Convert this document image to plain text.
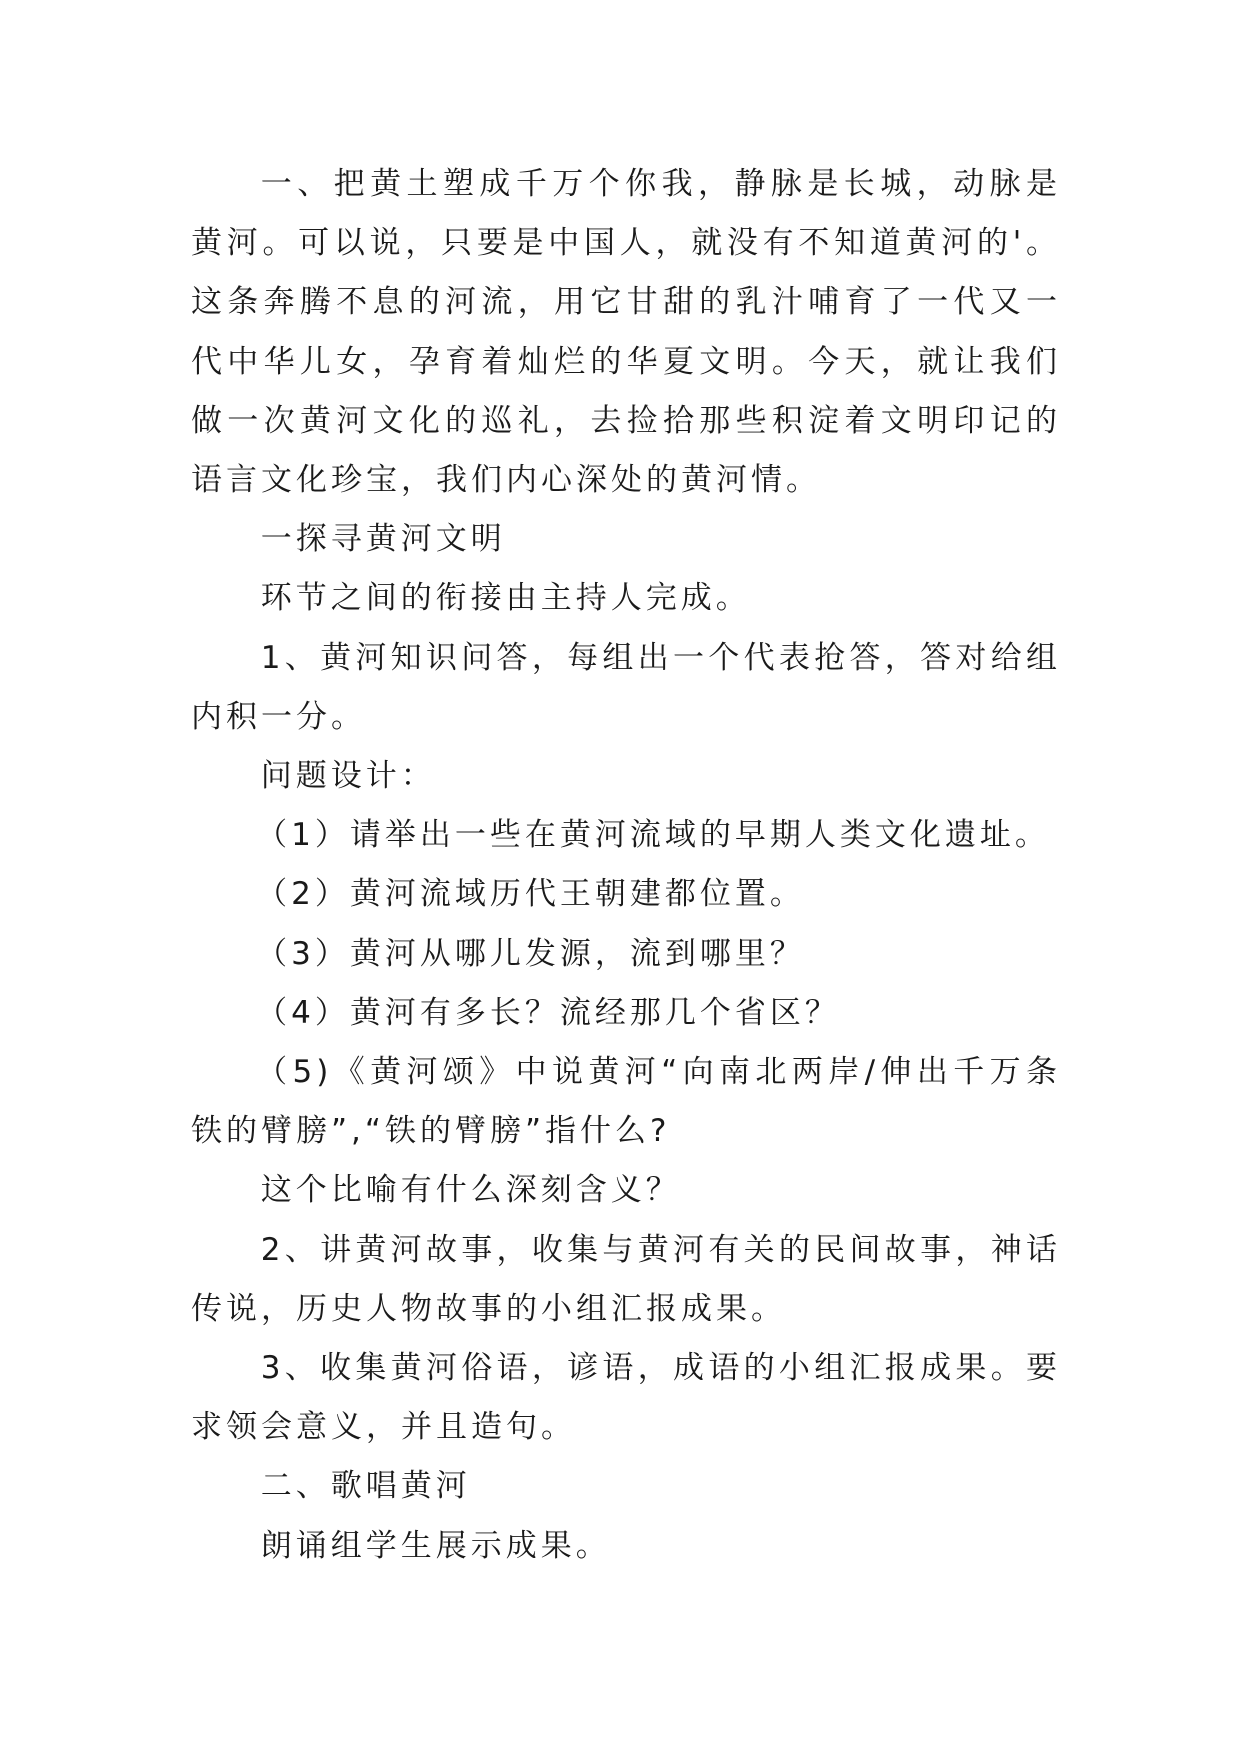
一、把黄土塑成千万个你我，静脉是长城，动脉是黄河。可以说，只要是中国人，就没有不知道黄河的'。这条奔腾不息的河流，用它甘甜的乳汁哺育了一代又一代中华儿女，孕育着灿烂的华夏文明。今天，就让我们做一次黄河文化的巡礼，去捡拾那些积淀着文明印记的语言文化珍宝，我们内心深处的黄河情。

一探寻黄河文明

环节之间的衔接由主持人完成。

1、黄河知识问答，每组出一个代表抢答，答对给组内积一分。

问题设计：

（1）请举出一些在黄河流域的早期人类文化遗址。

（2）黄河流域历代王朝建都位置。

（3）黄河从哪儿发源，流到哪里？

（4）黄河有多长？流经那几个省区？

（5)《黄河颂》中说黄河“向南北两岸/伸出千万条铁的臂膀”,“铁的臂膀”指什么?

这个比喻有什么深刻含义？

2、讲黄河故事，收集与黄河有关的民间故事，神话传说，历史人物故事的小组汇报成果。

3、收集黄河俗语，谚语，成语的小组汇报成果。要求领会意义，并且造句。

二、歌唱黄河

朗诵组学生展示成果。
